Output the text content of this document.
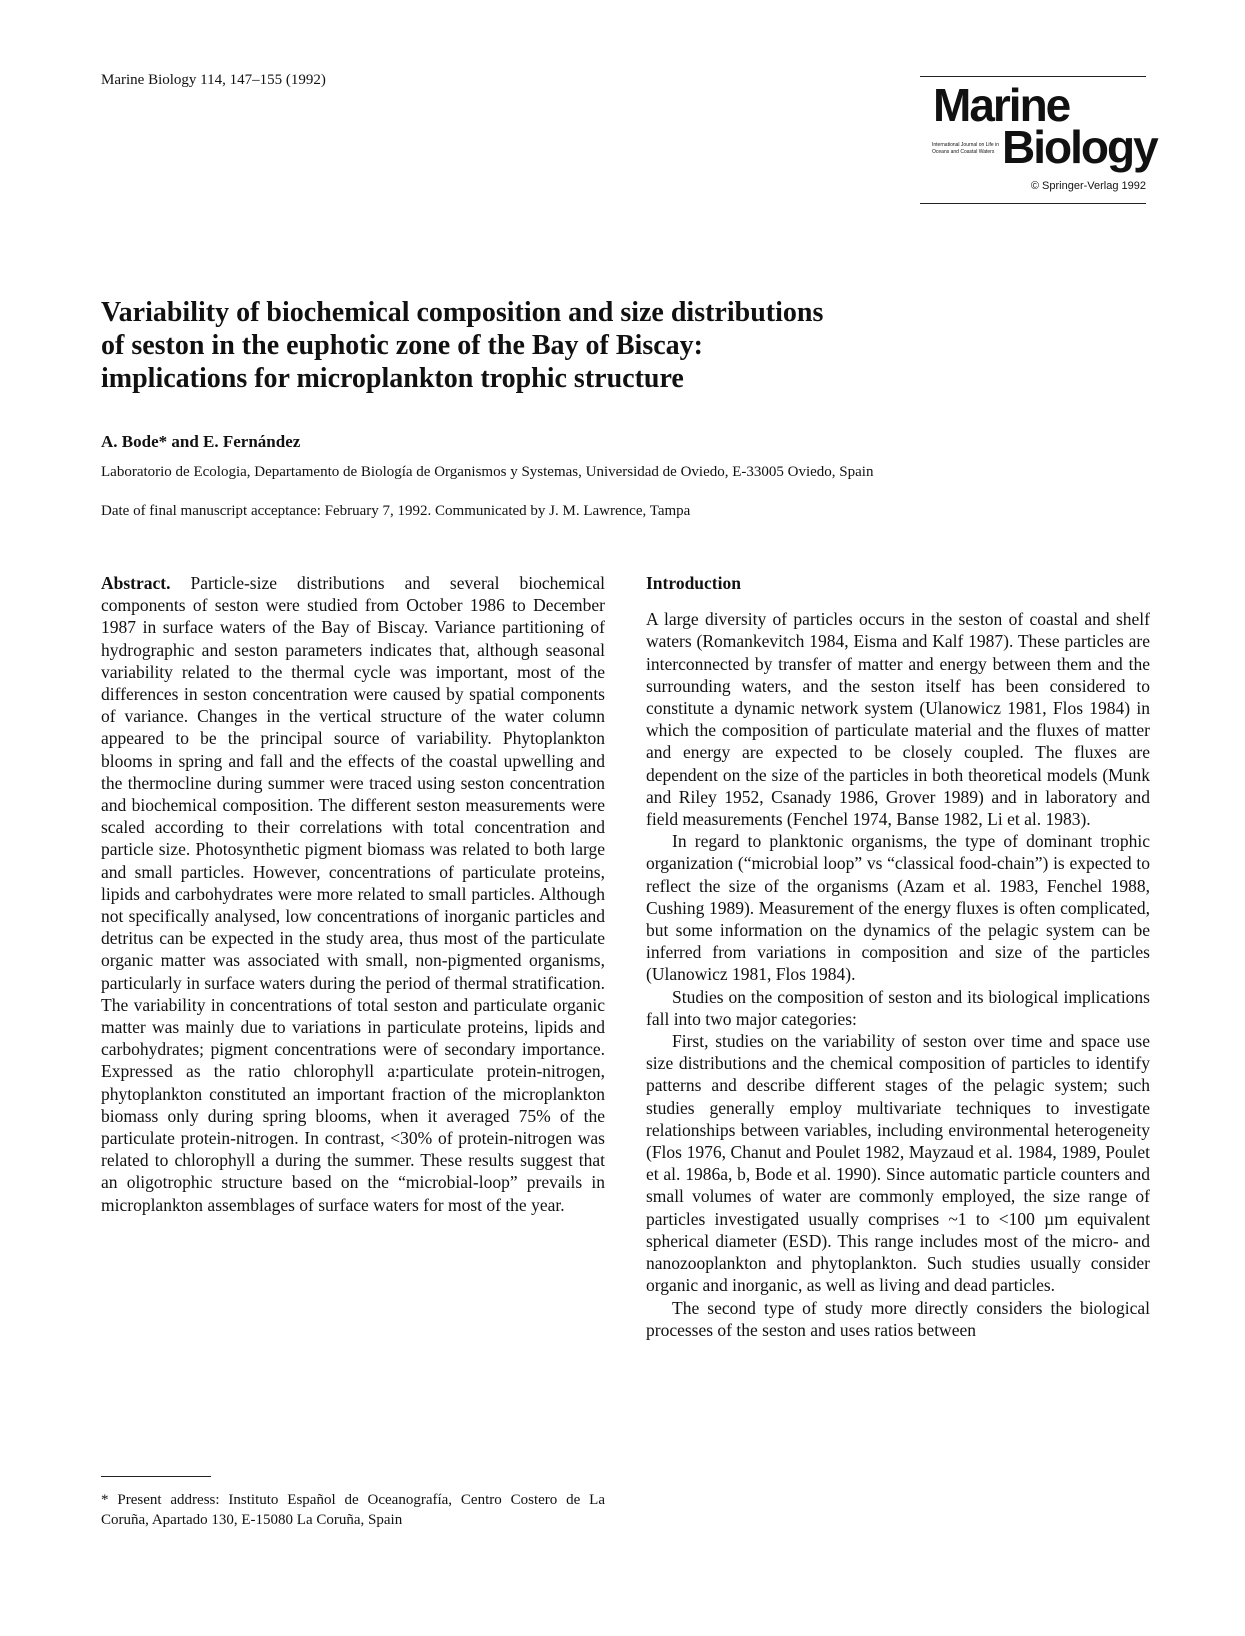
Marine Biology 114, 147–155 (1992)	Marine
International Journal on Life in Oceans and Coastal Waters Biology
© Springer-Verlag 1992
Variability of biochemical composition and size distributions
of seston in the euphotic zone of the Bay of Biscay:
implications for microplankton trophic structure
A. Bode* and E. Fernández
Laboratorio de Ecologia, Departamento de Biología de Organismos y Systemas, Universidad de Oviedo, E-33005 Oviedo, Spain
Date of final manuscript acceptance: February 7, 1992. Communicated by J. M. Lawrence, Tampa

Abstract. Particle-size distributions and several biochemical components of seston were studied from October 1986 to December 1987 in surface waters of the Bay of Biscay. Variance partitioning of hydrographic and seston parameters indicates that, although seasonal variability related to the thermal cycle was important, most of the differences in seston concentration were caused by spatial components of variance. Changes in the vertical structure of the water column appeared to be the principal source of variability. Phytoplankton blooms in spring and fall and the effects of the coastal upwelling and the thermocline during summer were traced using seston concentration and biochemical composition. The different seston measurements were scaled according to their correlations with total concentration and particle size. Photosynthetic pigment biomass was related to both large and small particles. However, concentrations of particulate proteins, lipids and carbohydrates were more related to small particles. Although not specifically analysed, low concentrations of inorganic particles and detritus can be expected in the study area, thus most of the particulate organic matter was associated with small, non-pigmented organisms, particularly in surface waters during the period of thermal stratification. The variability in concentrations of total seston and particulate organic matter was mainly due to variations in particulate proteins, lipids and carbohydrates; pigment concentrations were of secondary importance. Expressed as the ratio chlorophyll a:particulate protein-nitrogen, phytoplankton constituted an important fraction of the microplankton biomass only during spring blooms, when it averaged 75% of the particulate protein-nitrogen. In contrast, <30% of protein-nitrogen was related to chlorophyll a during the summer. These results suggest that an oligotrophic structure based on the “microbial-loop” prevails in microplankton assemblages of surface waters for most of the year.

* Present address: Instituto Español de Oceanografía, Centro Costero de La Coruña, Apartado 130, E-15080 La Coruña, Spain

Introduction

A large diversity of particles occurs in the seston of coastal and shelf waters (Romankevitch 1984, Eisma and Kalf 1987). These particles are interconnected by transfer of matter and energy between them and the surrounding waters, and the seston itself has been considered to constitute a dynamic network system (Ulanowicz 1981, Flos 1984) in which the composition of particulate material and the fluxes of matter and energy are expected to be closely coupled. The fluxes are dependent on the size of the particles in both theoretical models (Munk and Riley 1952, Csanady 1986, Grover 1989) and in laboratory and field measurements (Fenchel 1974, Banse 1982, Li et al. 1983).

In regard to planktonic organisms, the type of dominant trophic organization (“microbial loop” vs “classical food-chain”) is expected to reflect the size of the organisms (Azam et al. 1983, Fenchel 1988, Cushing 1989). Measurement of the energy fluxes is often complicated, but some information on the dynamics of the pelagic system can be inferred from variations in composition and size of the particles (Ulanowicz 1981, Flos 1984).

Studies on the composition of seston and its biological implications fall into two major categories:

First, studies on the variability of seston over time and space use size distributions and the chemical composition of particles to identify patterns and describe different stages of the pelagic system; such studies generally employ multivariate techniques to investigate relationships between variables, including environmental heterogeneity (Flos 1976, Chanut and Poulet 1982, Mayzaud et al. 1984, 1989, Poulet et al. 1986a, b, Bode et al. 1990). Since automatic particle counters and small volumes of water are commonly employed, the size range of particles investigated usually comprises ~1 to <100 µm equivalent spherical diameter (ESD). This range includes most of the micro- and nanozooplankton and phytoplankton. Such studies usually consider organic and inorganic, as well as living and dead particles.

The second type of study more directly considers the biological processes of the seston and uses ratios between
